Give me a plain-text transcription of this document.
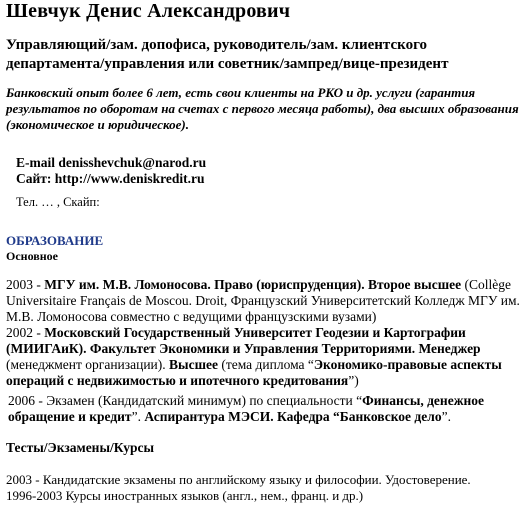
Шевчук Денис Александрович
Управляющий/зам. допофиса, руководитель/зам. клиентского департамента/управления или советник/зампред/вице-президент
Банковский опыт более 6 лет, есть свои клиенты на РКО и др. услуги (гарантия результатов по оборотам на счетах с первого месяца работы), два высших образования (экономическое и юридическое).
E-mail denisshevchuk@narod.ru
Сайт: http://www.deniskredit.ru
Тел. … , Скайп:
ОБРАЗОВАНИЕ
Основное
2003 - МГУ им. М.В. Ломоносова. Право (юриспруденция). Второе высшее (Collège Universitaire Français de Moscou. Droit, Французский Университетский Колледж МГУ им. М.В. Ломоносова совместно с ведущими французскими вузами)
2002 - Московский Государственный Университет Геодезии и Картографии (МИИГАиК). Факультет Экономики и Управления Территориями. Менеджер (менеджмент организации). Высшее (тема диплома “Экономико-правовые аспекты операций с недвижимостью и ипотечного кредитования”)
2006 - Экзамен (Кандидатский минимум) по специальности “Финансы, денежное обращение и кредит”. Аспирантура МЭСИ. Кафедра “Банковское дело”.
Тесты/Экзамены/Курсы
2003 - Кандидатские экзамены по английскому языку и философии. Удостоверение.
1996-2003 Курсы иностранных языков (англ., нем., франц. и др.)
